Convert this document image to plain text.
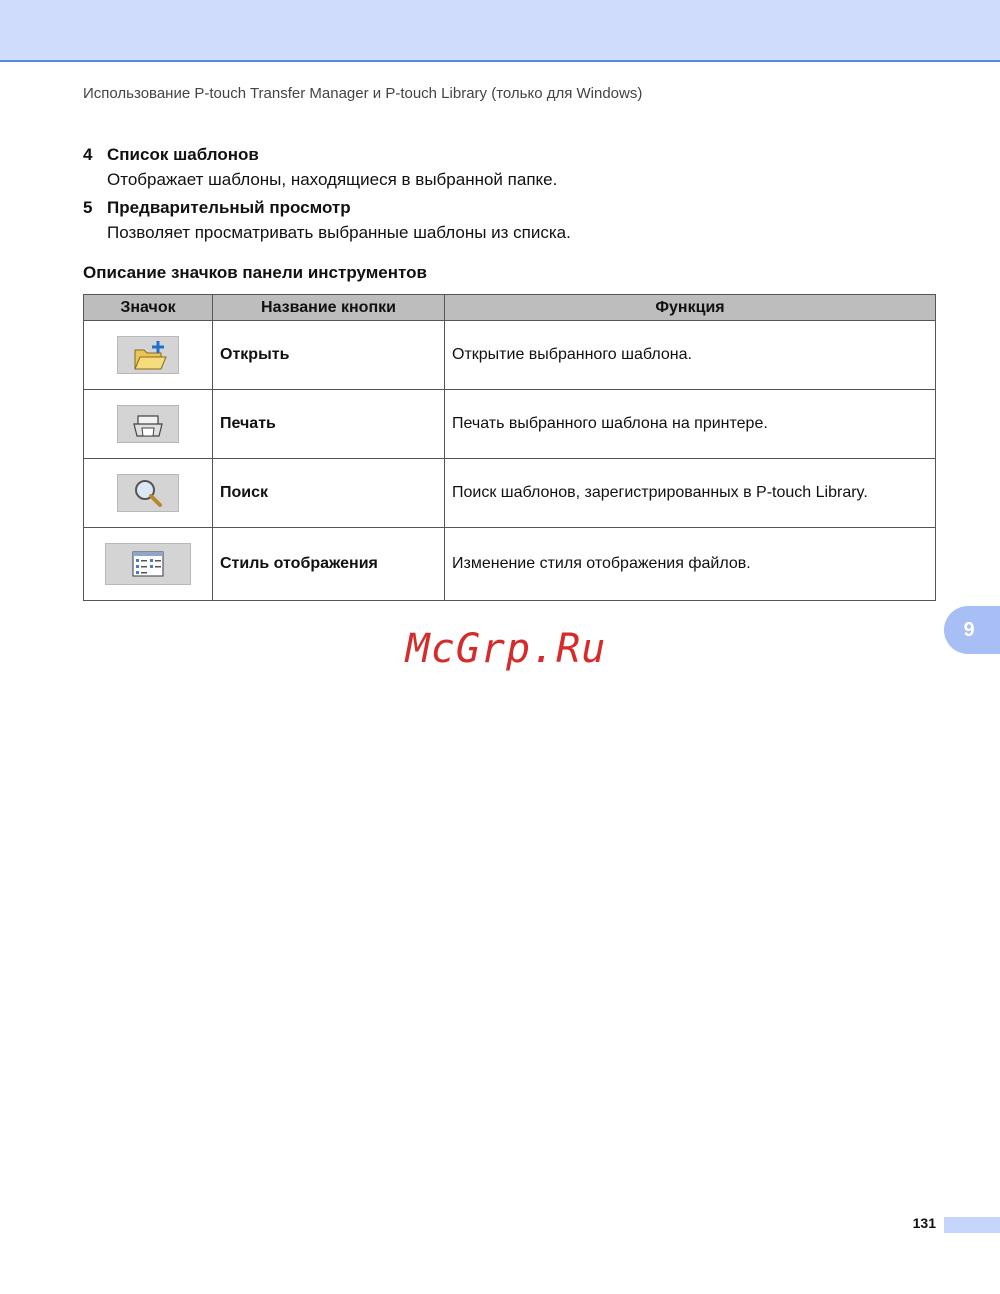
Использование P-touch Transfer Manager и P-touch Library (только для Windows)
4 Список шаблонов
Отображает шаблоны, находящиеся в выбранной папке.
5 Предварительный просмотр
Позволяет просматривать выбранные шаблоны из списка.
Описание значков панели инструментов
Значок	Название кнопки	Функция

	Открыть	Открытие выбранного шаблона.

	Печать	Печать выбранного шаблона на принтере.

	Поиск	Поиск шаблонов, зарегистрированных в P-touch Library.

	Стиль отображения	Изменение стиля отображения файлов.
9
McGrp.Ru
131
